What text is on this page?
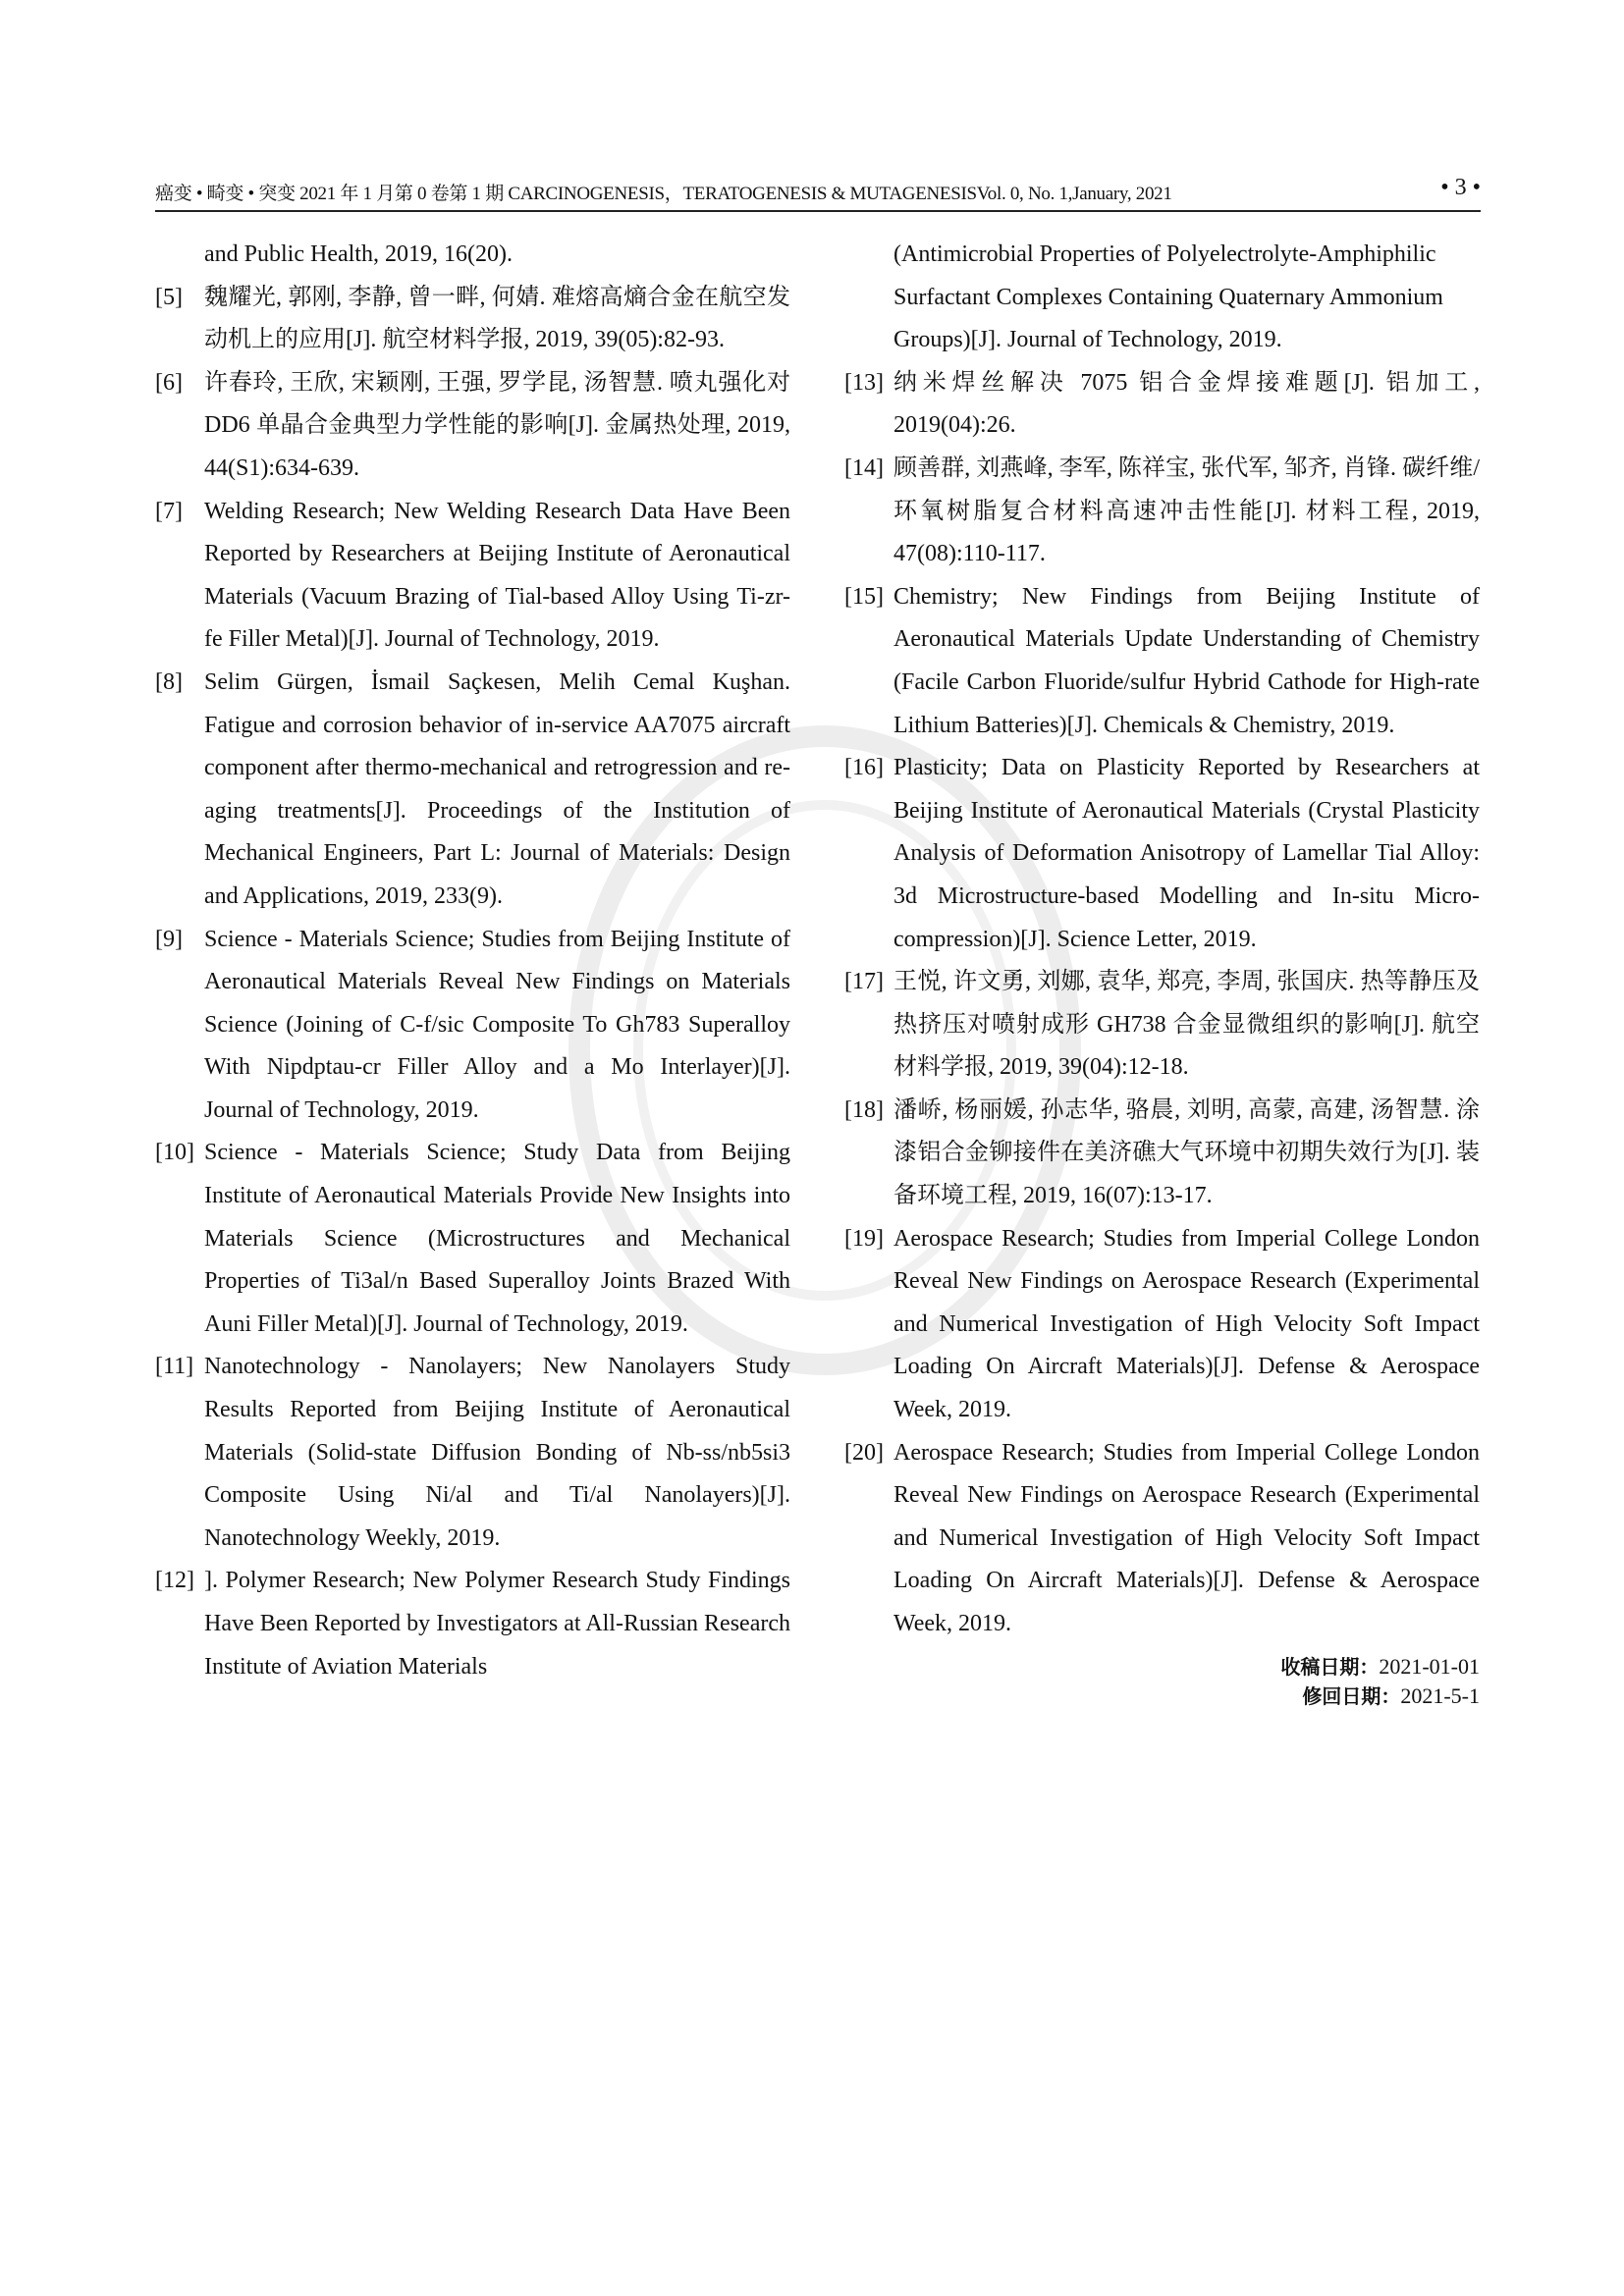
癌变 • 畸变 • 突变 2021 年 1 月第 0 卷第 1 期 CARCINOGENESIS，TERATOGENESIS & MUTAGENESISVol. 0, No. 1,January, 2021	• 3 •
and Public Health, 2019, 16(20).
[5] 魏耀光, 郭刚, 李静, 曾一畔, 何婧. 难熔高熵合金在航空发动机上的应用[J]. 航空材料学报, 2019, 39(05):82-93.
[6] 许春玲, 王欣, 宋颖刚, 王强, 罗学昆, 汤智慧. 喷丸强化对 DD6 单晶合金典型力学性能的影响[J]. 金属热处理, 2019, 44(S1):634-639.
[7] Welding Research; New Welding Research Data Have Been Reported by Researchers at Beijing Institute of Aeronautical Materials (Vacuum Brazing of Tial-based Alloy Using Ti-zr-fe Filler Metal)[J]. Journal of Technology, 2019.
[8] Selim Gürgen, İsmail Saçkesen, Melih Cemal Kuşhan. Fatigue and corrosion behavior of in-service AA7075 aircraft component after thermo-mechanical and retrogression and re-aging treatments[J]. Proceedings of the Institution of Mechanical Engineers, Part L: Journal of Materials: Design and Applications, 2019, 233(9).
[9] Science - Materials Science; Studies from Beijing Institute of Aeronautical Materials Reveal New Findings on Materials Science (Joining of C-f/sic Composite To Gh783 Superalloy With Nipdptau-cr Filler Alloy and a Mo Interlayer)[J]. Journal of Technology, 2019.
[10] Science - Materials Science; Study Data from Beijing Institute of Aeronautical Materials Provide New Insights into Materials Science (Microstructures and Mechanical Properties of Ti3al/n Based Superalloy Joints Brazed With Auni Filler Metal)[J]. Journal of Technology, 2019.
[11] Nanotechnology - Nanolayers; New Nanolayers Study Results Reported from Beijing Institute of Aeronautical Materials (Solid-state Diffusion Bonding of Nb-ss/nb5si3 Composite Using Ni/al and Ti/al Nanolayers)[J]. Nanotechnology Weekly, 2019.
[12] ]. Polymer Research; New Polymer Research Study Findings Have Been Reported by Investigators at All-Russian Research Institute of Aviation Materials
(Antimicrobial Properties of Polyelectrolyte-Amphiphilic Surfactant Complexes Containing Quaternary Ammonium Groups)[J]. Journal of Technology, 2019.
[13] 纳米焊丝解决 7075 铝合金焊接难题[J]. 铝加工, 2019(04):26.
[14] 顾善群, 刘燕峰, 李军, 陈祥宝, 张代军, 邹齐, 肖锋. 碳纤维/环氧树脂复合材料高速冲击性能[J]. 材料工程, 2019, 47(08):110-117.
[15] Chemistry; New Findings from Beijing Institute of Aeronautical Materials Update Understanding of Chemistry (Facile Carbon Fluoride/sulfur Hybrid Cathode for High-rate Lithium Batteries)[J]. Chemicals & Chemistry, 2019.
[16] Plasticity; Data on Plasticity Reported by Researchers at Beijing Institute of Aeronautical Materials (Crystal Plasticity Analysis of Deformation Anisotropy of Lamellar Tial Alloy: 3d Microstructure-based Modelling and In-situ Micro-compression)[J]. Science Letter, 2019.
[17] 王悦, 许文勇, 刘娜, 袁华, 郑亮, 李周, 张国庆. 热等静压及热挤压对喷射成形 GH738 合金显微组织的影响[J]. 航空材料学报, 2019, 39(04):12-18.
[18] 潘峤, 杨丽媛, 孙志华, 骆晨, 刘明, 高蒙, 高建, 汤智慧. 涂漆铝合金铆接件在美济礁大气环境中初期失效行为[J]. 装备环境工程, 2019, 16(07):13-17.
[19] Aerospace Research; Studies from Imperial College London Reveal New Findings on Aerospace Research (Experimental and Numerical Investigation of High Velocity Soft Impact Loading On Aircraft Materials)[J]. Defense & Aerospace Week, 2019.
[20] Aerospace Research; Studies from Imperial College London Reveal New Findings on Aerospace Research (Experimental and Numerical Investigation of High Velocity Soft Impact Loading On Aircraft Materials)[J]. Defense & Aerospace Week, 2019.
收稿日期：2021-01-01
修回日期：2021-5-1
